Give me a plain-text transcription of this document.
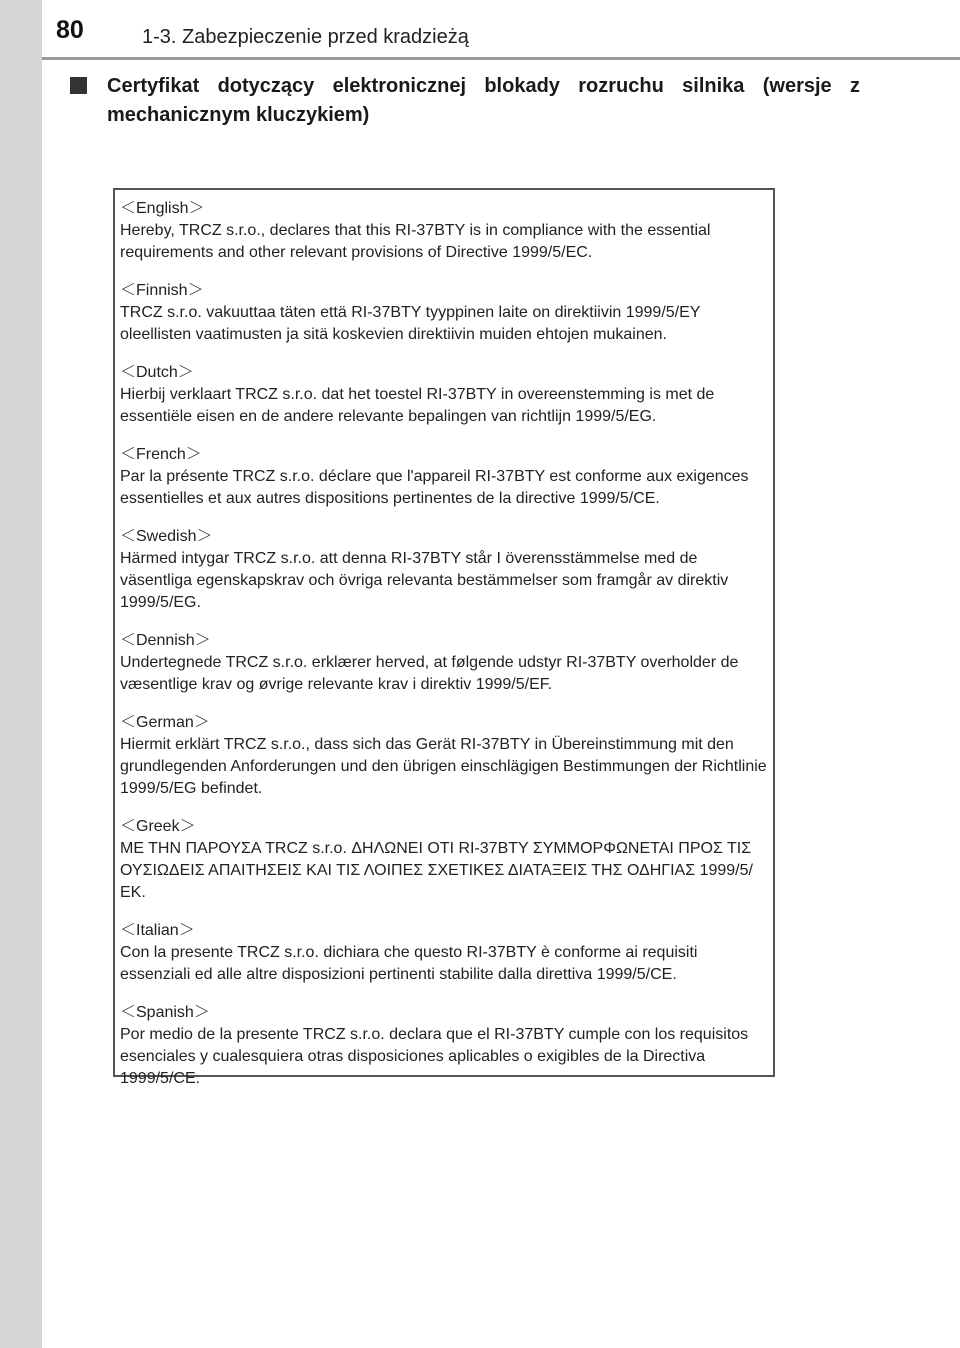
80	1-3. Zabezpieczenie przed kradzieżą
Certyfikat dotyczący elektronicznej blokady rozruchu silnika (wersje z mechanicznym kluczykiem)
＜English＞
Hereby, TRCZ s.r.o., declares that this RI-37BTY is in compliance with the essential requirements and other relevant provisions of Directive 1999/5/EC.
＜Finnish＞
TRCZ s.r.o. vakuuttaa täten että RI-37BTY tyyppinen laite on direktiivin 1999/5/EY oleellisten vaatimusten ja sitä koskevien direktiivin muiden ehtojen mukainen.
＜Dutch＞
Hierbij verklaart TRCZ s.r.o. dat het toestel RI-37BTY in overeenstemming is met de essentiële eisen en de andere relevante bepalingen van richtlijn 1999/5/EG.
＜French＞
Par la présente TRCZ s.r.o. déclare que l'appareil RI-37BTY est conforme aux exigences essentielles et aux autres dispositions pertinentes de la directive 1999/5/CE.
＜Swedish＞
Härmed intygar TRCZ s.r.o. att denna RI-37BTY står I överensstämmelse med de väsentliga egenskapskrav och övriga relevanta bestämmelser som framgår av direktiv 1999/5/EG.
＜Dennish＞
Undertegnede TRCZ s.r.o. erklærer herved, at følgende udstyr RI-37BTY overholder de væsentlige krav og øvrige relevante krav i direktiv 1999/5/EF.
＜German＞
Hiermit erklärt TRCZ s.r.o., dass sich das Gerät RI-37BTY in Übereinstimmung mit den grundlegenden Anforderungen und den übrigen einschlägigen Bestimmungen der Richtlinie 1999/5/EG befindet.
＜Greek＞
ΜΕ ΤΗΝ ΠΑΡΟΥΣΑ TRCZ s.r.o. ΔΗΛΩΝΕΙ ΟΤΙ RI-37BTY ΣΥΜΜΟΡΦΩΝΕΤΑΙ ΠΡΟΣ ΤΙΣ ΟΥΣΙΩΔΕΙΣ ΑΠΑΙΤΗΣΕΙΣ ΚΑΙ ΤΙΣ ΛΟΙΠΕΣ ΣΧΕΤΙΚΕΣ ΔΙΑΤΑΞΕΙΣ ΤΗΣ ΟΔΗΓΙΑΣ 1999/5/ΕΚ.
＜Italian＞
Con la presente TRCZ s.r.o. dichiara che questo RI-37BTY è conforme ai requisiti essenziali ed alle altre disposizioni pertinenti stabilite dalla direttiva 1999/5/CE.
＜Spanish＞
Por medio de la presente TRCZ s.r.o. declara que el RI-37BTY cumple con los requisitos esenciales y cualesquiera otras disposiciones aplicables o exigibles de la Directiva 1999/5/CE.
